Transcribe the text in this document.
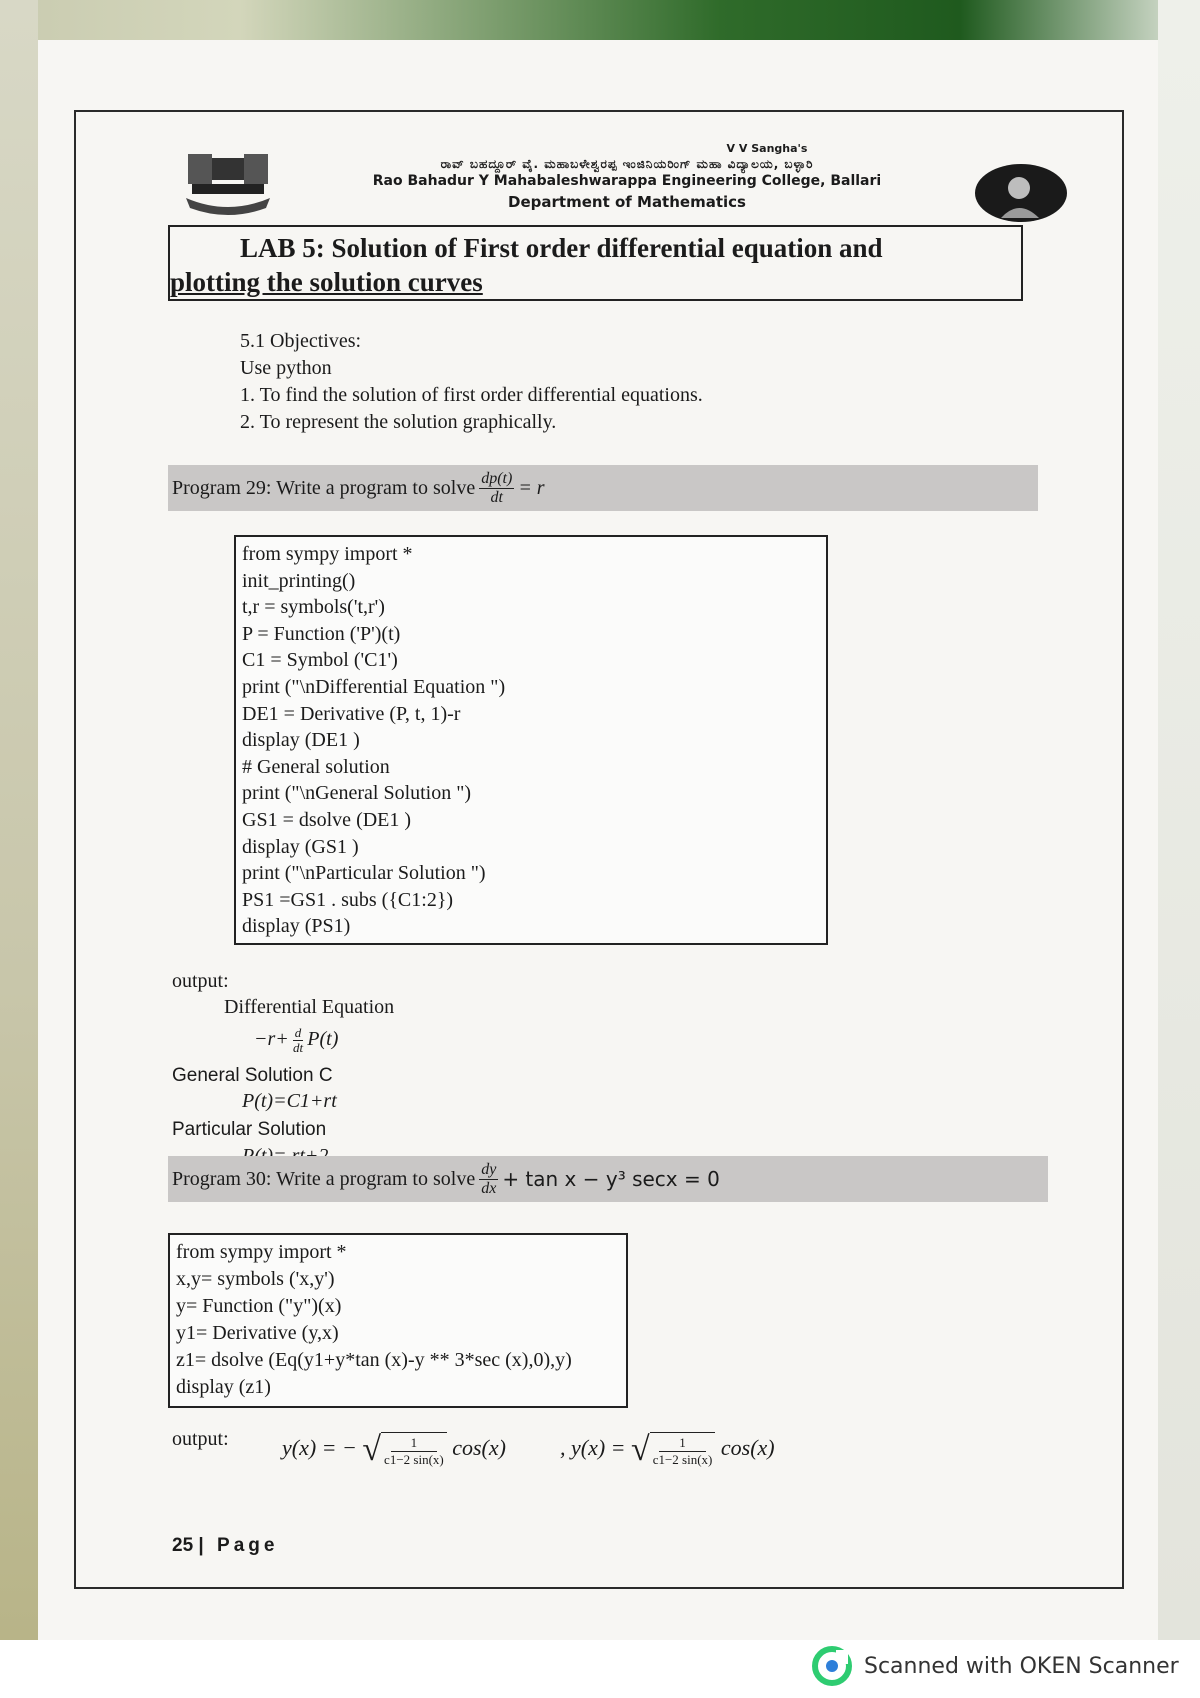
V V Sangha's
ರಾವ್ ಬಹದ್ದೂರ್ ವೈ. ಮಹಾಬಳೇಶ್ವರಪ್ಪ ಇಂಜಿನಿಯರಿಂಗ್ ಮಹಾ ವಿದ್ಯಾಲಯ, ಬಳ್ಳಾರಿ
Rao Bahadur Y Mahabaleshwarappa Engineering College, Ballari
Department of Mathematics
LAB 5: Solution of First order differential equation and
plotting the solution curves
5.1 Objectives:
Use python
1. To find the solution of first order differential equations.
2. To represent the solution graphically.
Program 29: Write a program to solve $\frac{dp(t)}{dt} = r$
from sympy import *
init_printing()
t,r = symbols('t,r')
P = Function ('P')(t)
C1 = Symbol ('C1')
print ("\nDifferential Equation ")
DE1 = Derivative (P, t, 1)-r
display (DE1 )
# General solution
print ("\nGeneral Solution ")
GS1 = dsolve (DE1 )
display (GS1 )
print ("\nParticular Solution ")
PS1 =GS1 . subs ({C1:2})
display (PS1)
output:
Differential Equation
$-r+ \frac{d}{dt} P(t)$
General Solution C
P(t)=C1+rt
Particular Solution
Program 30: Write a program to solve $\frac{dy}{dx} + \tan x - y^3$ secx = 0
from sympy import *
x,y= symbols ('x,y')
y= Function ("y")(x)
y1= Derivative (y,x)
z1= dsolve (Eq(y1+y*tan (x)-y ** 3*sec (x),0),y)
display (z1)
output: y(x) = − √ $\frac{1}{c1-2 \sin(x)} \cos(x)$ , y(x) = √ $\frac{1}{c1-2 \sin(x)} \cos(x)$
25 | Page
Scanned with OKEN Scanner
